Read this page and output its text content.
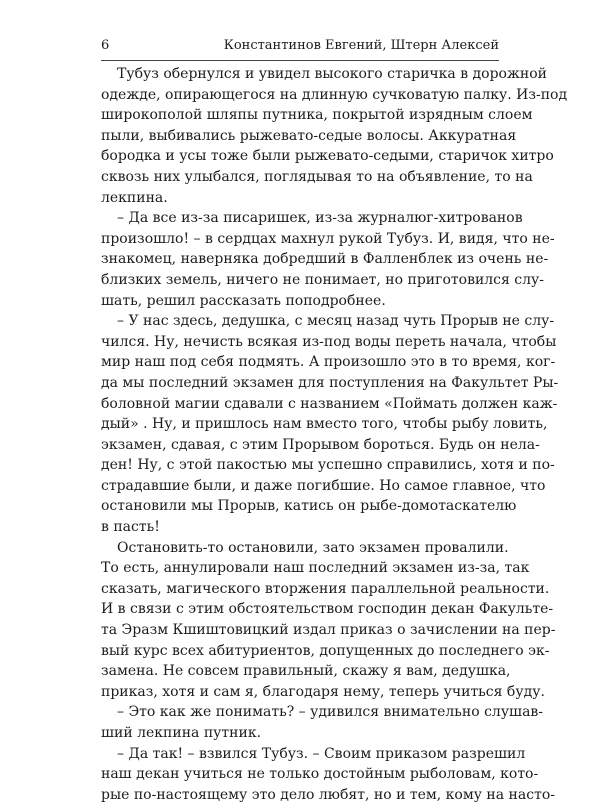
6	Константинов Евгений, Штерн Алексей

Тубуз обернулся и увидел высокого старичка в дорожной
одежде, опирающегося на длинную сучковатую палку. Из-под
широкополой шляпы путника, покрытой изрядным слоем
пыли, выбивались рыжевато-седые волосы. Аккуратная
бородка и усы тоже были рыжевато-седыми, старичок хитро
сквозь них улыбался, поглядывая то на объявление, то на
лекпина.

– Да все из-за писаришек, из-за журналюг-хитрованов
произошло! – в сердцах махнул рукой Тубуз. И, видя, что не-
знакомец, наверняка добредший в Фалленблек из очень не-
близких земель, ничего не понимает, но приготовился слу-
шать, решил рассказать поподробнее.

– У нас здесь, дедушка, с месяц назад чуть Прорыв не слу-
чился. Ну, нечисть всякая из-под воды переть начала, чтобы
мир наш под себя подмять. А произошло это в то время, ког-
да мы последний экзамен для поступления на Факультет Ры-
боловной магии сдавали с названием «Поймать должен каж-
дый» . Ну, и пришлось нам вместо того, чтобы рыбу ловить,
экзамен, сдавая, с этим Прорывом бороться. Будь он нела-
ден! Ну, с этой пакостью мы успешно справились, хотя и по-
страдавшие были, и даже погибшие. Но самое главное, что
остановили мы Прорыв, катись он рыбе-домотаскателю
в пасть!

Остановить-то остановили, зато экзамен провалили.
То есть, аннулировали наш последний экзамен из-за, так
сказать, магического вторжения параллельной реальности.
И в связи с этим обстоятельством господин декан Факульте-
та Эразм Кшиштовицкий издал приказ о зачислении на пер-
вый курс всех абитуриентов, допущенных до последнего эк-
замена. Не совсем правильный, скажу я вам, дедушка,
приказ, хотя и сам я, благодаря нему, теперь учиться буду.

– Это как же понимать? – удивился внимательно слушав-
ший лекпина путник.

– Да так! – взвился Тубуз. – Своим приказом разрешил
наш декан учиться не только достойным рыболовам, кото-
рые по-настоящему это дело любят, но и тем, кому на насто-
